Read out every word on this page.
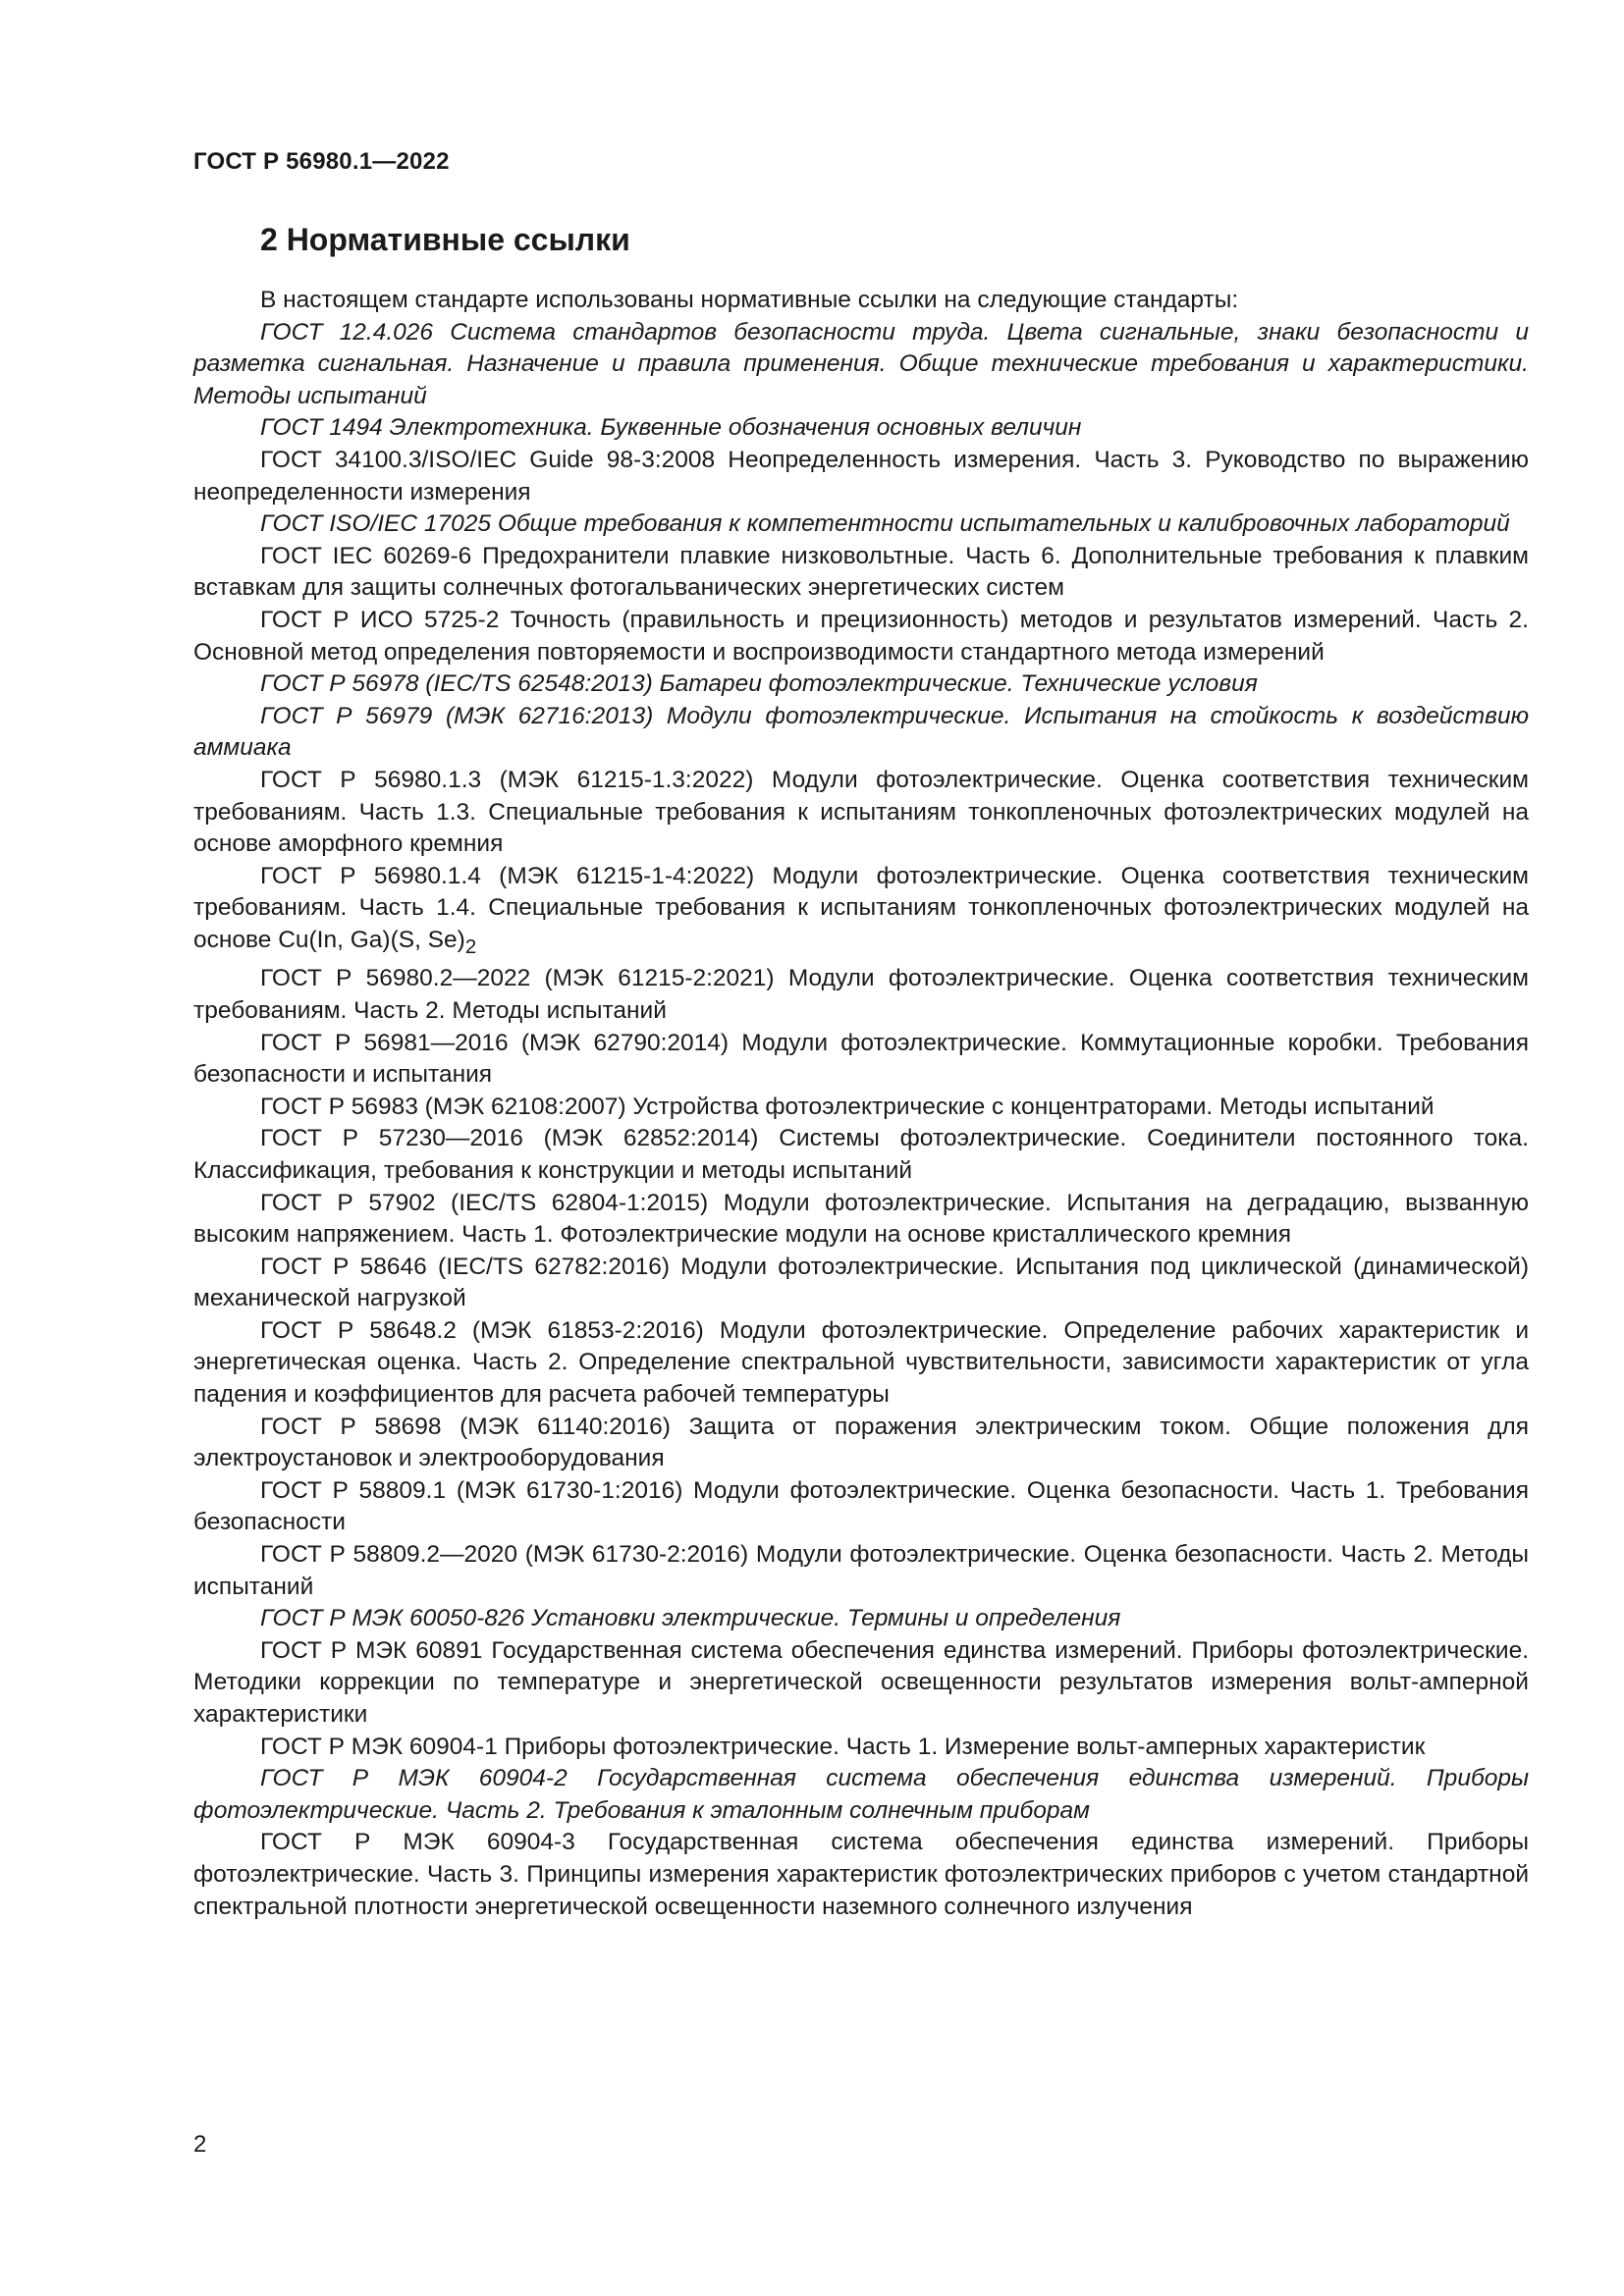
ГОСТ Р 56980.1—2022
2 Нормативные ссылки

В настоящем стандарте использованы нормативные ссылки на следующие стандарты:

ГОСТ 12.4.026 Система стандартов безопасности труда. Цвета сигнальные, знаки безопасности и разметка сигнальная. Назначение и правила применения. Общие технические требования и характеристики. Методы испытаний

ГОСТ 1494 Электротехника. Буквенные обозначения основных величин

ГОСТ 34100.3/ISO/IEC Guide 98-3:2008 Неопределенность измерения. Часть 3. Руководство по выражению неопределенности измерения

ГОСТ ISO/IEC 17025 Общие требования к компетентности испытательных и калибровочных лабораторий

ГОСТ IEC 60269-6 Предохранители плавкие низковольтные. Часть 6. Дополнительные требования к плавким вставкам для защиты солнечных фотогальванических энергетических систем

ГОСТ Р ИСО 5725-2 Точность (правильность и прецизионность) методов и результатов измерений. Часть 2. Основной метод определения повторяемости и воспроизводимости стандартного метода измерений

ГОСТ Р 56978 (IEC/TS 62548:2013) Батареи фотоэлектрические. Технические условия

ГОСТ Р 56979 (МЭК 62716:2013) Модули фотоэлектрические. Испытания на стойкость к воздействию аммиака

ГОСТ Р 56980.1.3 (МЭК 61215-1.3:2022) Модули фотоэлектрические. Оценка соответствия техническим требованиям. Часть 1.3. Специальные требования к испытаниям тонкопленочных фотоэлектрических модулей на основе аморфного кремния

ГОСТ Р 56980.1.4 (МЭК 61215-1-4:2022) Модули фотоэлектрические. Оценка соответствия техническим требованиям. Часть 1.4. Специальные требования к испытаниям тонкопленочных фотоэлектрических модулей на основе Cu(In, Ga)(S, $Se)_2$

ГОСТ Р 56980.2—2022 (МЭК 61215-2:2021) Модули фотоэлектрические. Оценка соответствия техническим требованиям. Часть 2. Методы испытаний

ГОСТ Р 56981—2016 (МЭК 62790:2014) Модули фотоэлектрические. Коммутационные коробки. Требования безопасности и испытания

ГОСТ Р 56983 (МЭК 62108:2007) Устройства фотоэлектрические с концентраторами. Методы испытаний

ГОСТ Р 57230—2016 (МЭК 62852:2014) Системы фотоэлектрические. Соединители постоянного тока. Классификация, требования к конструкции и методы испытаний

ГОСТ Р 57902 (IEC/TS 62804-1:2015) Модули фотоэлектрические. Испытания на деградацию, вызванную высоким напряжением. Часть 1. Фотоэлектрические модули на основе кристаллического кремния

ГОСТ Р 58646 (IEC/TS 62782:2016) Модули фотоэлектрические. Испытания под циклической (динамической) механической нагрузкой

ГОСТ Р 58648.2 (МЭК 61853-2:2016) Модули фотоэлектрические. Определение рабочих характеристик и энергетическая оценка. Часть 2. Определение спектральной чувствительности, зависимости характеристик от угла падения и коэффициентов для расчета рабочей температуры

ГОСТ Р 58698 (МЭК 61140:2016) Защита от поражения электрическим током. Общие положения для электроустановок и электрооборудования

ГОСТ Р 58809.1 (МЭК 61730-1:2016) Модули фотоэлектрические. Оценка безопасности. Часть 1. Требования безопасности

ГОСТ Р 58809.2—2020 (МЭК 61730-2:2016) Модули фотоэлектрические. Оценка безопасности. Часть 2. Методы испытаний

ГОСТ Р МЭК 60050-826 Установки электрические. Термины и определения

ГОСТ Р МЭК 60891 Государственная система обеспечения единства измерений. Приборы фотоэлектрические. Методики коррекции по температуре и энергетической освещенности результатов измерения вольт-амперной характеристики

ГОСТ Р МЭК 60904-1 Приборы фотоэлектрические. Часть 1. Измерение вольт-амперных характеристик

ГОСТ Р МЭК 60904-2 Государственная система обеспечения единства измерений. Приборы фотоэлектрические. Часть 2. Требования к эталонным солнечным приборам

ГОСТ Р МЭК 60904-3 Государственная система обеспечения единства измерений. Приборы фотоэлектрические. Часть 3. Принципы измерения характеристик фотоэлектрических приборов с учетом стандартной спектральной плотности энергетической освещенности наземного солнечного излучения

2
